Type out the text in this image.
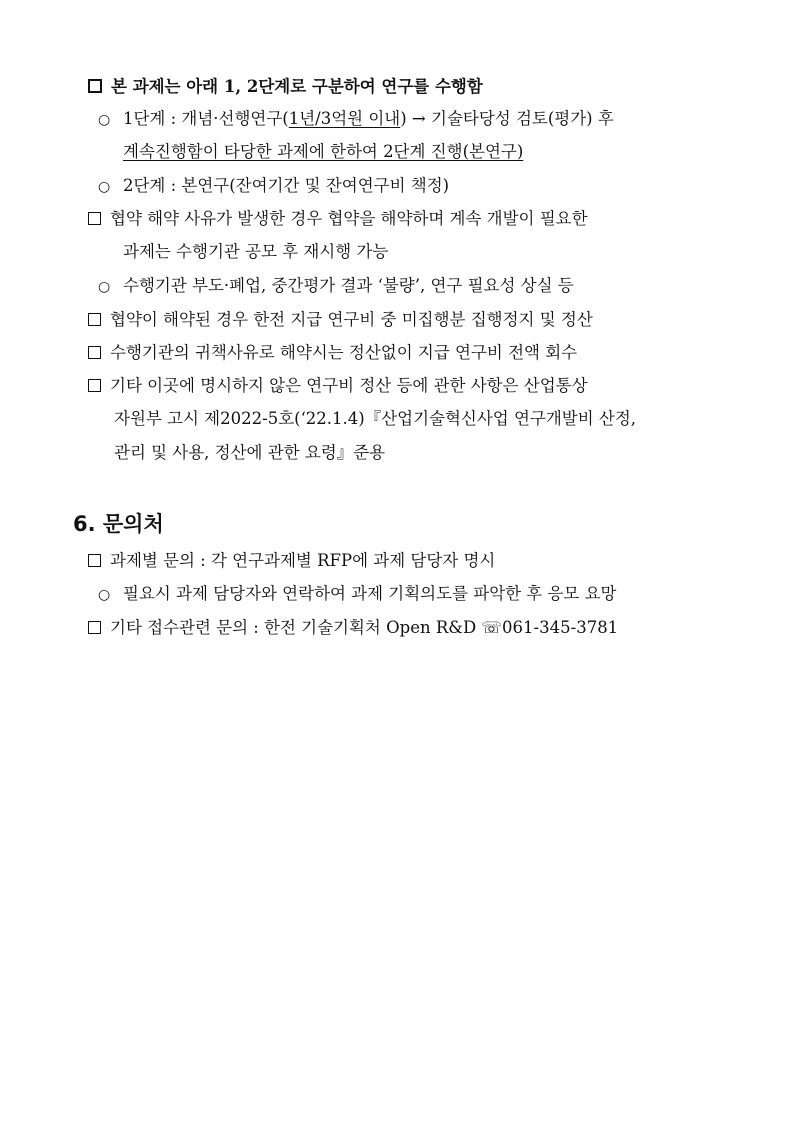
본 과제는 아래 1, 2단계로 구분하여 연구를 수행함
○ 1단계 : 개념·선행연구(1년/3억원 이내) → 기술타당성 검토(평가) 후
계속진행함이 타당한 과제에 한하여 2단계 진행(본연구)
○ 2단계 : 본연구(잔여기간 및 잔여연구비 책정)
협약 해약 사유가 발생한 경우 협약을 해약하며 계속 개발이 필요한
과제는 수행기관 공모 후 재시행 가능
○ 수행기관 부도·폐업, 중간평가 결과 ‘불량’, 연구 필요성 상실 등
협약이 해약된 경우 한전 지급 연구비 중 미집행분 집행정지 및 정산
수행기관의 귀책사유로 해약시는 정산없이 지급 연구비 전액 회수
기타 이곳에 명시하지 않은 연구비 정산 등에 관한 사항은 산업통상
자원부 고시 제2022-5호(‘22.1.4)『산업기술혁신사업 연구개발비 산정,
관리 및 사용, 정산에 관한 요령』준용
6. 문의처
과제별 문의 : 각 연구과제별 RFP에 과제 담당자 명시
○ 필요시 과제 담당자와 연락하여 과제 기획의도를 파악한 후 응모 요망
기타 접수관련 문의 : 한전 기술기획처 Open R&D ☏061-345-3781
